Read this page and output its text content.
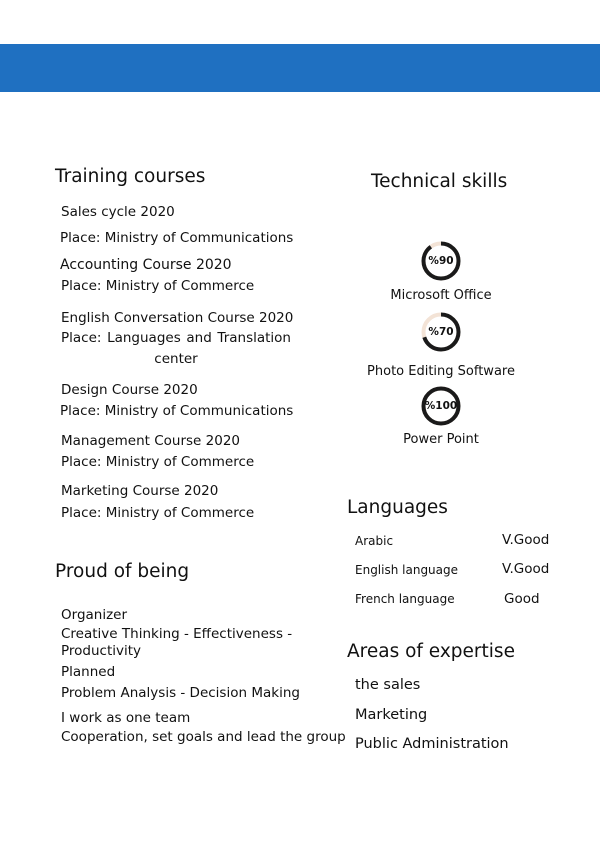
Training courses
Sales cycle 2020
Place: Ministry of Communications
Accounting Course 2020
Place: Ministry of Commerce
English Conversation Course 2020
Place: Languages and Translation
center
Design Course 2020
Place: Ministry of Communications
Management Course 2020
Place: Ministry of Commerce
Marketing Course 2020
Place: Ministry of Commerce
Proud of being
Organizer
Creative Thinking - Effectiveness -
Productivity
Planned
Problem Analysis - Decision Making
I work as one team
Cooperation, set goals and lead the group
Technical skills
%90
Microsoft Office
%70
Photo Editing Software
%100
Power Point
Languages
Arabic	V.Good
English language	V.Good
French language	Good
Areas of expertise
the sales
Marketing
Public Administration
